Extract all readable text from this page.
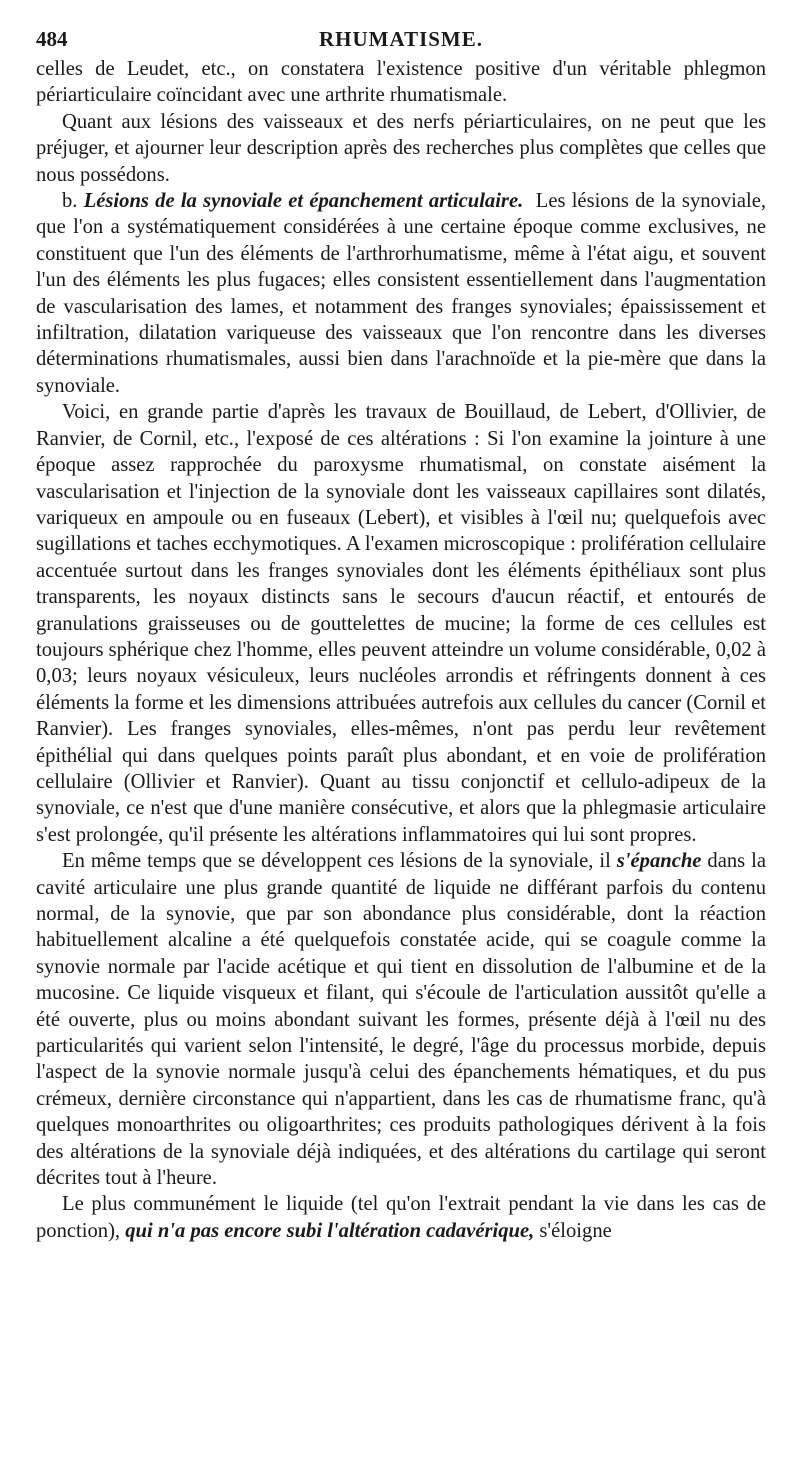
484	RHUMATISME.

celles de Leudet, etc., on constatera l'existence positive d'un véritable phlegmon périarticulaire coïncidant avec une arthrite rhumatismale.

Quant aux lésions des vaisseaux et des nerfs périarticulaires, on ne peut que les préjuger, et ajourner leur description après des recherches plus complètes que celles que nous possédons.

b. Lésions de la synoviale et épanchement articulaire. Les lésions de la synoviale, que l'on a systématiquement considérées à une certaine époque comme exclusives, ne constituent que l'un des éléments de l'arthrorhumatisme, même à l'état aigu, et souvent l'un des éléments les plus fugaces; elles consistent essentiellement dans l'augmentation de vascularisation des lames, et notamment des franges synoviales; épaississement et infiltration, dilatation variqueuse des vaisseaux que l'on rencontre dans les diverses déterminations rhumatismales, aussi bien dans l'arachnoïde et la pie-mère que dans la synoviale.

Voici, en grande partie d'après les travaux de Bouillaud, de Lebert, d'Ollivier, de Ranvier, de Cornil, etc., l'exposé de ces altérations : Si l'on examine la jointure à une époque assez rapprochée du paroxysme rhumatismal, on constate aisément la vascularisation et l'injection de la synoviale dont les vaisseaux capillaires sont dilatés, variqueux en ampoule ou en fuseaux (Lebert), et visibles à l'œil nu; quelquefois avec sugillations et taches ecchymotiques. A l'examen microscopique : prolifération cellulaire accentuée surtout dans les franges synoviales dont les éléments épithéliaux sont plus transparents, les noyaux distincts sans le secours d'aucun réactif, et entourés de granulations graisseuses ou de gouttelettes de mucine; la forme de ces cellules est toujours sphérique chez l'homme, elles peuvent atteindre un volume considérable, 0,02 à 0,03; leurs noyaux vésiculeux, leurs nucléoles arrondis et réfringents donnent à ces éléments la forme et les dimensions attribuées autrefois aux cellules du cancer (Cornil et Ranvier). Les franges synoviales, elles-mêmes, n'ont pas perdu leur revêtement épithélial qui dans quelques points paraît plus abondant, et en voie de prolifération cellulaire (Ollivier et Ranvier). Quant au tissu conjonctif et cellulo-adipeux de la synoviale, ce n'est que d'une manière consécutive, et alors que la phlegmasie articulaire s'est prolongée, qu'il présente les altérations inflammatoires qui lui sont propres.

En même temps que se développent ces lésions de la synoviale, il s'épanche dans la cavité articulaire une plus grande quantité de liquide ne différant parfois du contenu normal, de la synovie, que par son abondance plus considérable, dont la réaction habituellement alcaline a été quelquefois constatée acide, qui se coagule comme la synovie normale par l'acide acétique et qui tient en dissolution de l'albumine et de la mucosine. Ce liquide visqueux et filant, qui s'écoule de l'articulation aussitôt qu'elle a été ouverte, plus ou moins abondant suivant les formes, présente déjà à l'œil nu des particularités qui varient selon l'intensité, le degré, l'âge du processus morbide, depuis l'aspect de la synovie normale jusqu'à celui des épanchements hématiques, et du pus crémeux, dernière circonstance qui n'appartient, dans les cas de rhumatisme franc, qu'à quelques monoarthrites ou oligoarthrites; ces produits pathologiques dérivent à la fois des altérations de la synoviale déjà indiquées, et des altérations du cartilage qui seront décrites tout à l'heure.

Le plus communément le liquide (tel qu'on l'extrait pendant la vie dans les cas de ponction), qui n'a pas encore subi l'altération cadavérique, s'éloigne
